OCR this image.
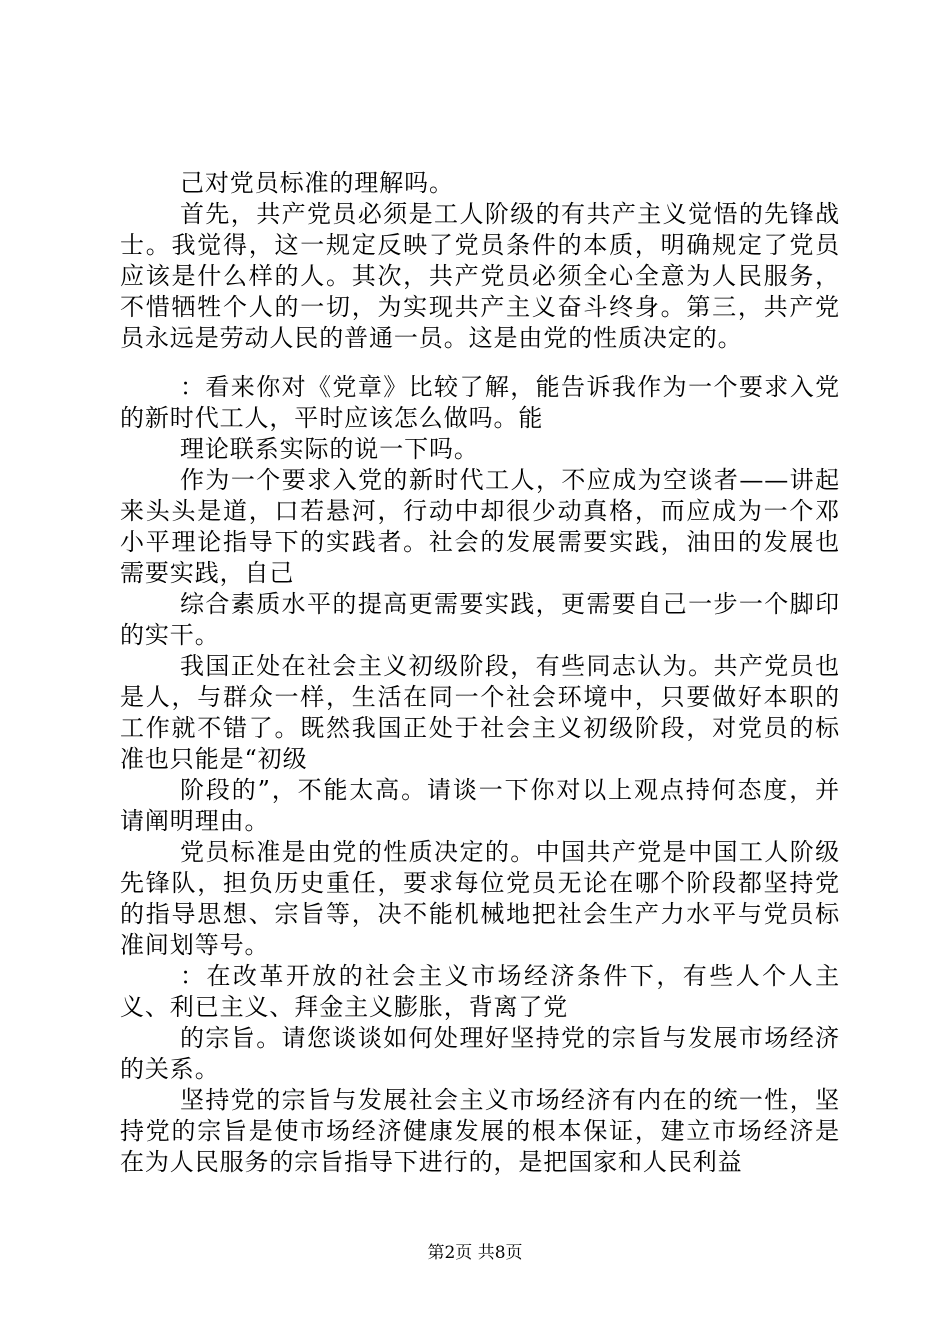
己对党员标准的理解吗。

首先，共产党员必须是工人阶级的有共产主义觉悟的先锋战士。我觉得，这一规定反映了党员条件的本质，明确规定了党员应该是什么样的人。其次，共产党员必须全心全意为人民服务，不惜牺牲个人的一切，为实现共产主义奋斗终身。第三，共产党员永远是劳动人民的普通一员。这是由党的性质决定的。

：看来你对《党章》比较了解，能告诉我作为一个要求入党的新时代工人，平时应该怎么做吗。能

理论联系实际的说一下吗。

作为一个要求入党的新时代工人，不应成为空谈者——讲起来头头是道，口若悬河，行动中却很少动真格，而应成为一个邓小平理论指导下的实践者。社会的发展需要实践，油田的发展也需要实践，自己

综合素质水平的提高更需要实践，更需要自己一步一个脚印的实干。

我国正处在社会主义初级阶段，有些同志认为。共产党员也是人，与群众一样，生活在同一个社会环境中，只要做好本职的工作就不错了。既然我国正处于社会主义初级阶段，对党员的标准也只能是“初级

阶段的”，不能太高。请谈一下你对以上观点持何态度，并请阐明理由。

党员标准是由党的性质决定的。中国共产党是中国工人阶级先锋队，担负历史重任，要求每位党员无论在哪个阶段都坚持党的指导思想、宗旨等，决不能机械地把社会生产力水平与党员标准间划等号。

：在改革开放的社会主义市场经济条件下，有些人个人主义、利已主义、拜金主义膨胀，背离了党

的宗旨。请您谈谈如何处理好坚持党的宗旨与发展市场经济的关系。

坚持党的宗旨与发展社会主义市场经济有内在的统一性，坚持党的宗旨是使市场经济健康发展的根本保证，建立市场经济是在为人民服务的宗旨指导下进行的，是把国家和人民利益

第2页 共8页
